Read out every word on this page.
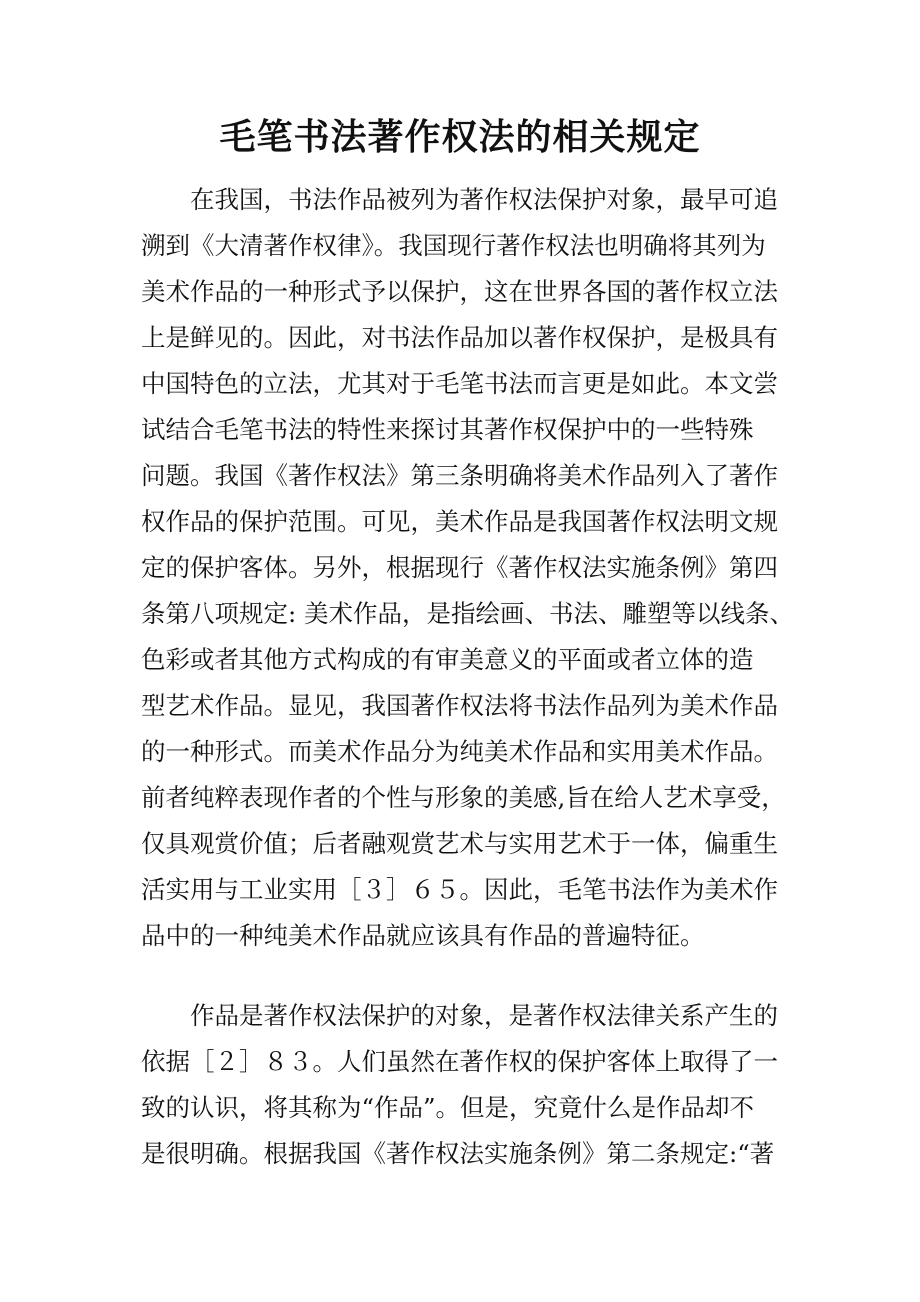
毛笔书法著作权法的相关规定

在我国，书法作品被列为著作权法保护对象，最早可追

溯到《大清著作权律》。我国现行著作权法也明确将其列为

美术作品的一种形式予以保护，这在世界各国的著作权立法

上是鲜见的。因此，对书法作品加以著作权保护，是极具有

中国特色的立法，尤其对于毛笔书法而言更是如此。本文尝

试结合毛笔书法的特性来探讨其著作权保护中的一些特殊

问题。我国《著作权法》第三条明确将美术作品列入了著作

权作品的保护范围。可见，美术作品是我国著作权法明文规

定的保护客体。另外，根据现行《著作权法实施条例》第四

条第八项规定: 美术作品，是指绘画、书法、雕塑等以线条、

色彩或者其他方式构成的有审美意义的平面或者立体的造

型艺术作品。显见，我国著作权法将书法作品列为美术作品

的一种形式。而美术作品分为纯美术作品和实用美术作品。

前者纯粹表现作者的个性与形象的美感,旨在给人艺术享受，

仅具观赏价值；后者融观赏艺术与实用艺术于一体，偏重生

活实用与工业实用［３］６５。因此，毛笔书法作为美术作

品中的一种纯美术作品就应该具有作品的普遍特征。

作品是著作权法保护的对象，是著作权法律关系产生的

依据［２］８３。人们虽然在著作权的保护客体上取得了一

致的认识，将其称为“作品”。但是，究竟什么是作品却不

是很明确。根据我国《著作权法实施条例》第二条规定:“著
